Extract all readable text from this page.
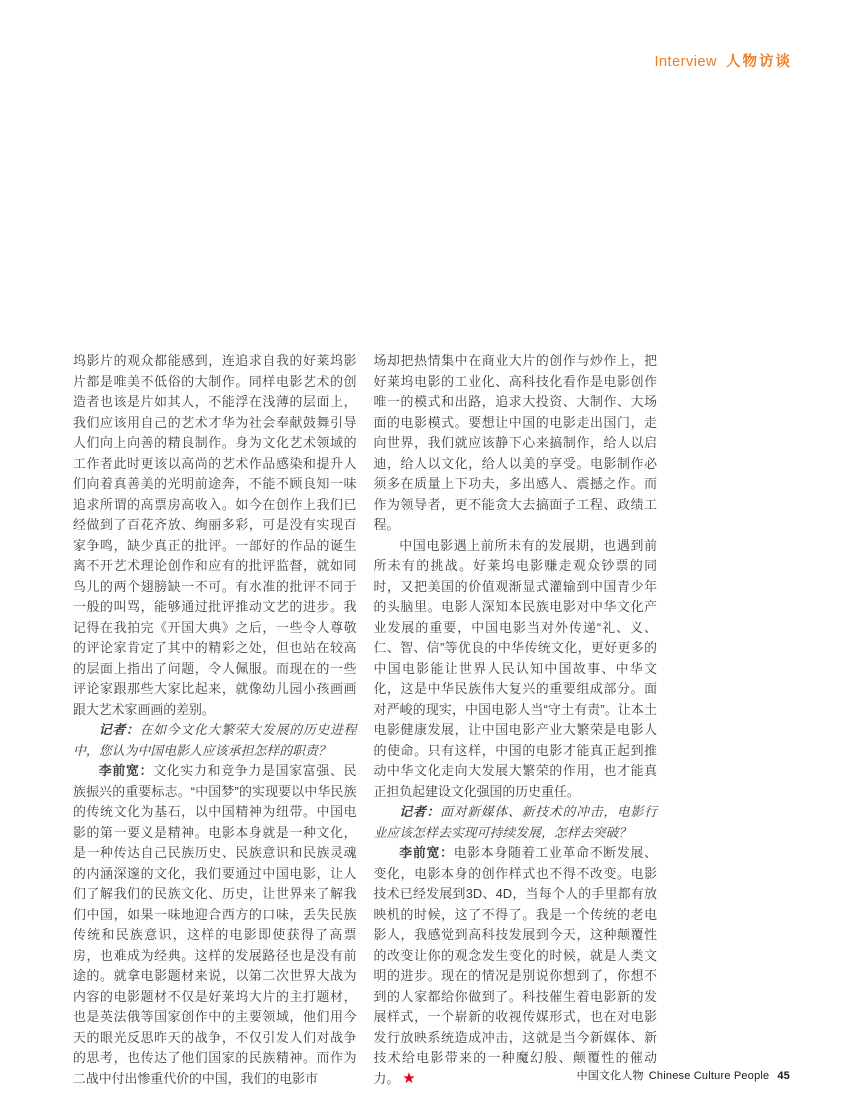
Interview 人物访谈

坞影片的观众都能感到，连追求自我的好莱坞影片都是唯美不低俗的大制作。同样电影艺术的创造者也该是片如其人，不能浮在浅薄的层面上，我们应该用自己的艺术才华为社会奉献鼓舞引导人们向上向善的精良制作。身为文化艺术领域的工作者此时更该以高尚的艺术作品感染和提升人们向着真善美的光明前途奔，不能不顾良知一味追求所谓的高票房高收入。如今在创作上我们已经做到了百花齐放、绚丽多彩，可是没有实现百家争鸣，缺少真正的批评。一部好的作品的诞生离不开艺术理论创作和应有的批评监督，就如同鸟儿的两个翅膀缺一不可。有水准的批评不同于一般的叫骂，能够通过批评推动文艺的进步。我记得在我拍完《开国大典》之后，一些令人尊敬的评论家肯定了其中的精彩之处，但也站在较高的层面上指出了问题，令人佩服。而现在的一些评论家跟那些大家比起来，就像幼儿园小孩画画跟大艺术家画画的差别。

记者：在如今文化大繁荣大发展的历史进程中，您认为中国电影人应该承担怎样的职责？

李前宽：文化实力和竞争力是国家富强、民族振兴的重要标志。“中国梦”的实现要以中华民族的传统文化为基石，以中国精神为纽带。中国电影的第一要义是精神。电影本身就是一种文化，是一种传达自己民族历史、民族意识和民族灵魂的内涵深邃的文化，我们要通过中国电影，让人们了解我们的民族文化、历史，让世界来了解我们中国，如果一味地迎合西方的口味，丢失民族传统和民族意识，这样的电影即使获得了高票房，也难成为经典。这样的发展路径也是没有前途的。就拿电影题材来说，以第二次世界大战为内容的电影题材不仅是好莱坞大片的主打题材，也是英法俄等国家创作中的主要领域，他们用今天的眼光反思昨天的战争，不仅引发人们对战争的思考，也传达了他们国家的民族精神。而作为二战中付出惨重代价的中国，我们的电影市

场却把热情集中在商业大片的创作与炒作上，把好莱坞电影的工业化、高科技化看作是电影创作唯一的模式和出路，追求大投资、大制作、大场面的电影模式。要想让中国的电影走出国门，走向世界，我们就应该静下心来搞制作，给人以启迪，给人以文化，给人以美的享受。电影制作必须多在质量上下功夫，多出感人、震撼之作。而作为领导者，更不能贪大去搞面子工程、政绩工程。

中国电影遇上前所未有的发展期，也遇到前所未有的挑战。好莱坞电影赚走观众钞票的同时，又把美国的价值观渐显式灌输到中国青少年的头脑里。电影人深知本民族电影对中华文化产业发展的重要，中国电影当对外传递“礼、义、仁、智、信”等优良的中华传统文化，更好更多的中国电影能让世界人民认知中国故事、中华文化，这是中华民族伟大复兴的重要组成部分。面对严峻的现实，中国电影人当“守土有责”。让本土电影健康发展，让中国电影产业大繁荣是电影人的使命。只有这样，中国的电影才能真正起到推动中华文化走向大发展大繁荣的作用，也才能真正担负起建设文化强国的历史重任。

记者：面对新媒体、新技术的冲击，电影行业应该怎样去实现可持续发展，怎样去突破？

李前宽：电影本身随着工业革命不断发展、变化，电影本身的创作样式也不得不改变。电影技术已经发展到3D、4D，当每个人的手里都有放映机的时候，这了不得了。我是一个传统的老电影人，我感觉到高科技发展到今天，这种颠覆性的改变让你的观念发生变化的时候，就是人类文明的进步。现在的情况是别说你想到了，你想不到的人家都给你做到了。科技催生着电影新的发展样式，一个崭新的收视传媒形式，也在对电影发行放映系统造成冲击，这就是当今新媒体、新技术给电影带来的一种魔幻般、颠覆性的催动力。 ★	中国文化人物 Chinese Culture People 45
